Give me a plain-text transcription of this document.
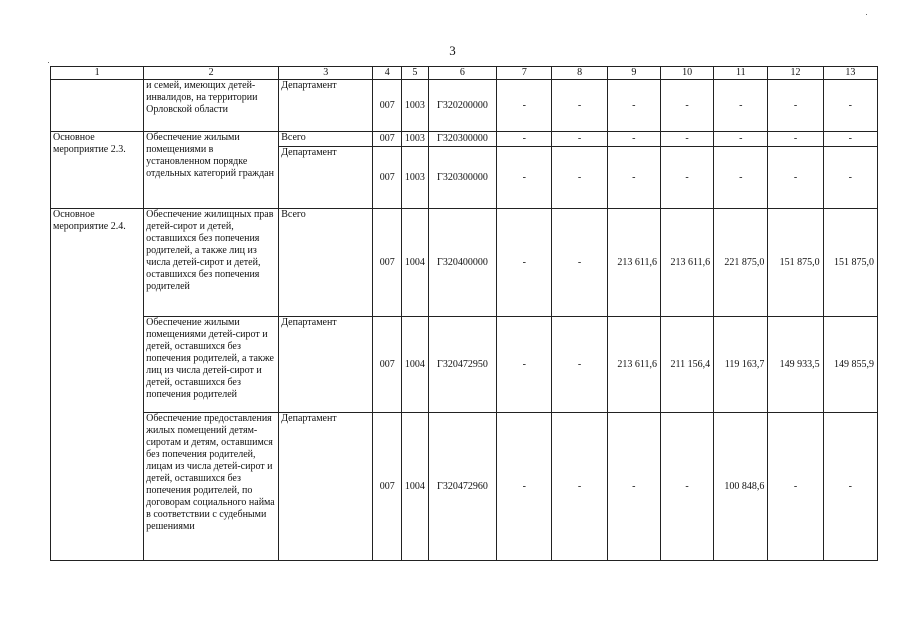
3
1	2	3	4	5	6	7	8	9	10	11	12	13
	и семей, имеющих детей-инвалидов, на территории Орловской области	Департамент	007	1003	Г320200000	-	-	-	-	-	-	-
Основное мероприятие 2.3.	Обеспечение жилыми помещениями в установленном порядке отдельных категорий граждан	Всего	007	1003	Г320300000	-	-	-	-	-	-	-
		Департамент	007	1003	Г320300000	-	-	-	-	-	-	-
Основное мероприятие 2.4.	Обеспечение жилищных прав детей-сирот и детей, оставшихся без попечения родителей, а также лиц из числа детей-сирот и детей, оставшихся без попечения родителей	Всего	007	1004	Г320400000	-	-	213 611,6	213 611,6	221 875,0	151 875,0	151 875,0
	Обеспечение жилыми помещениями детей-сирот и детей, оставшихся без попечения родителей, а также лиц из числа детей-сирот и детей, оставшихся без попечения родителей	Департамент	007	1004	Г320472950	-	-	213 611,6	211 156,4	119 163,7	149 933,5	149 855,9
	Обеспечение предоставления жилых помещений детям-сиротам и детям, оставшимся без попечения родителей, лицам из числа детей-сирот и детей, оставшихся без попечения родителей, по договорам социального найма в соответствии с судебными решениями	Департамент	007	1004	Г320472960	-	-	-	-	100 848,6	-	-
